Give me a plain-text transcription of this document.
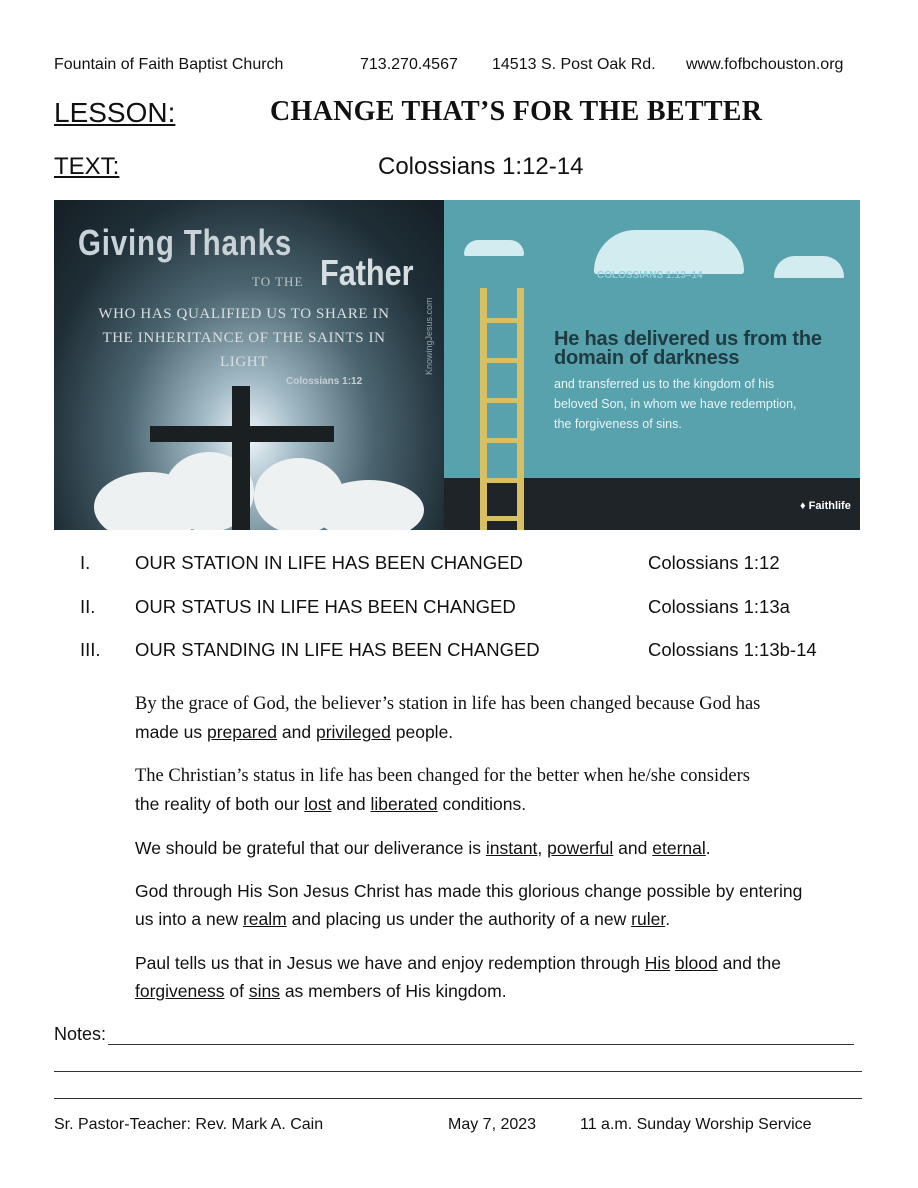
Fountain of Faith Baptist Church	713.270.4567 14513 S. Post Oak Rd. www.fofbchouston.org
LESSON:	CHANGE THAT’S FOR THE BETTER
TEXT:	Colossians 1:12-14
Giving Thanks
TO THE Father
WHO HAS QUALIFIED US TO SHARE IN THE INHERITANCE OF THE SAINTS IN LIGHT
Colossians 1:12
KnowingJesus.com
COLOSSIANS 1:13–14
He has delivered us from the domain of darkness
and transferred us to the kingdom of his beloved Son, in whom we have redemption, the forgiveness of sins.
♦ Faithlife
I. OUR STATION IN LIFE HAS BEEN CHANGED	Colossians 1:12
II. OUR STATUS IN LIFE HAS BEEN CHANGED	Colossians 1:13a
III. OUR STANDING IN LIFE HAS BEEN CHANGED	Colossians 1:13b-14
By the grace of God, the believer’s station in life has been changed because God has
made us prepared and privileged people.
The Christian’s status in life has been changed for the better when he/she considers
the reality of both our lost and liberated conditions.
We should be grateful that our deliverance is instant, powerful and eternal.
God through His Son Jesus Christ has made this glorious change possible by entering
us into a new realm and placing us under the authority of a new ruler.
Paul tells us that in Jesus we have and enjoy redemption through His blood and the
forgiveness of sins as members of His kingdom.
Notes:
Sr. Pastor-Teacher: Rev. Mark A. Cain	May 7, 2023	11 a.m. Sunday Worship Service
